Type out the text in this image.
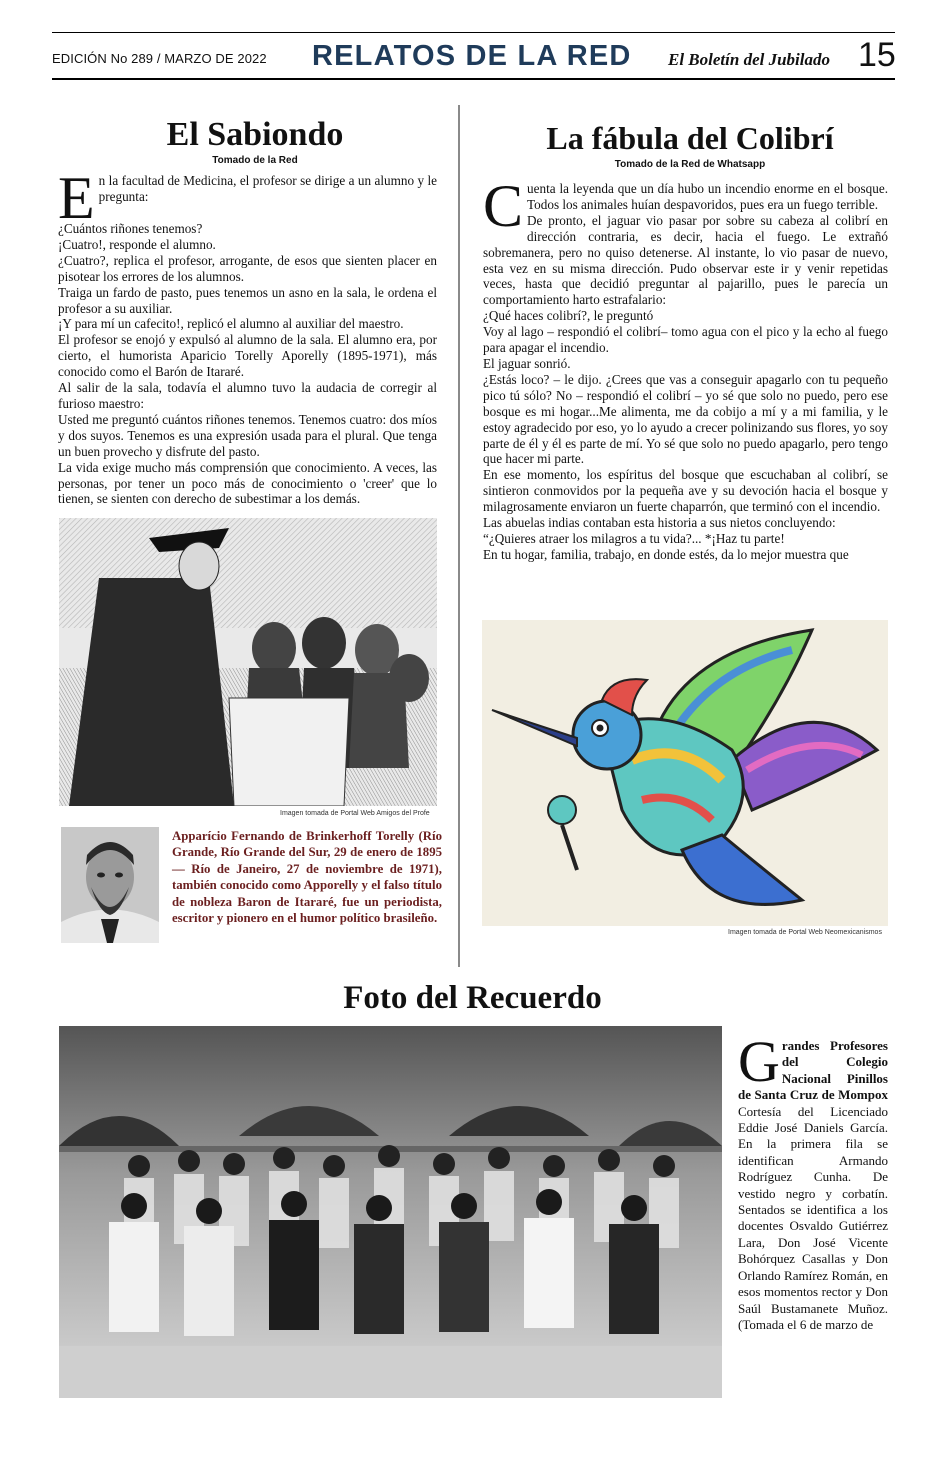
EDICIÓN No 289 / MARZO DE 2022 RELATOS DE LA RED El Boletín del Jubilado 15
El Sabiondo
Tomado de la Red

En la facultad de Medicina, el profesor se dirige a un alumno y le pregunta:

¿Cuántos riñones tenemos?

¡Cuatro!, responde el alumno.

¿Cuatro?, replica el profesor, arrogante, de esos que sienten placer en pisotear los errores de los alumnos.

Traiga un fardo de pasto, pues tenemos un asno en la sala, le ordena el profesor a su auxiliar.

¡Y para mí un cafecito!, replicó el alumno al auxiliar del maestro.

El profesor se enojó y expulsó al alumno de la sala. El alumno era, por cierto, el humorista Aparicio Torelly Aporelly (1895-1971), más conocido como el Barón de Itararé.

Al salir de la sala, todavía el alumno tuvo la audacia de corregir al furioso maestro:

Usted me preguntó cuántos riñones tenemos. Tenemos cuatro: dos míos y dos suyos. Tenemos es una expresión usada para el plural. Que tenga un buen provecho y disfrute del pasto.

La vida exige mucho más comprensión que conocimiento. A veces, las personas, por tener un poco más de conocimiento o 'creer' que lo tienen, se sienten con derecho de subestimar a los demás.

Imagen tomada de Portal Web Amigos del Profe
Apparício Fernando de Brinkerhoff Torelly (Río Grande, Río Grande del Sur, 29 de enero de 1895 — Río de Janeiro, 27 de noviembre de 1971), también conocido como Apporelly y el falso título de nobleza Baron de Itararé, fue un periodista, escritor y pionero en el humor político brasileño.
La fábula del Colibrí
Tomado de la Red de Whatsapp

Cuenta la leyenda que un día hubo un incendio enorme en el bosque. Todos los animales huían despavoridos, pues era un fuego terrible.

De pronto, el jaguar vio pasar por sobre su cabeza al colibrí en dirección contraria, es decir, hacia el fuego. Le extrañó sobremanera, pero no quiso detenerse. Al instante, lo vio pasar de nuevo, esta vez en su misma dirección. Pudo observar este ir y venir repetidas veces, hasta que decidió preguntar al pajarillo, pues le parecía un comportamiento harto estrafalario:

¿Qué haces colibrí?, le preguntó

Voy al lago – respondió el colibrí– tomo agua con el pico y la echo al fuego para apagar el incendio.

El jaguar sonrió.

¿Estás loco? – le dijo. ¿Crees que vas a conseguir apagarlo con tu pequeño pico tú sólo? No – respondió el colibrí – yo sé que solo no puedo, pero ese bosque es mi hogar...Me alimenta, me da cobijo a mí y a mi familia, y le estoy agradecido por eso, yo lo ayudo a crecer polinizando sus flores, yo soy parte de él y él es parte de mí. Yo sé que solo no puedo apagarlo, pero tengo que hacer mi parte.

En ese momento, los espíritus del bosque que escuchaban al colibrí, se sintieron conmovidos por la pequeña ave y su devoción hacia el bosque y milagrosamente enviaron un fuerte chaparrón, que terminó con el incendio.

Las abuelas indias contaban esta historia a sus nietos concluyendo:

“¿Quieres atraer los milagros a tu vida?... *¡Haz tu parte!

En tu hogar, familia, trabajo, en donde estés, da lo mejor muestra que

Imagen tomada de Portal Web Neomexicanismos
Foto del Recuerdo
Grandes Profesores del Colegio Nacional Pinillos de Santa Cruz de Mompox Cortesía del Licenciado Eddie José Daniels García. En la primera fila se identifican Armando Rodríguez Cunha. De vestido negro y corbatín. Sentados se identifica a los docentes Osvaldo Gutiérrez Lara, Don José Vicente Bohórquez Casallas y Don Orlando Ramírez Román, en esos momentos rector y Don Saúl Bustamanete Muñoz. (Tomada el 6 de marzo de
